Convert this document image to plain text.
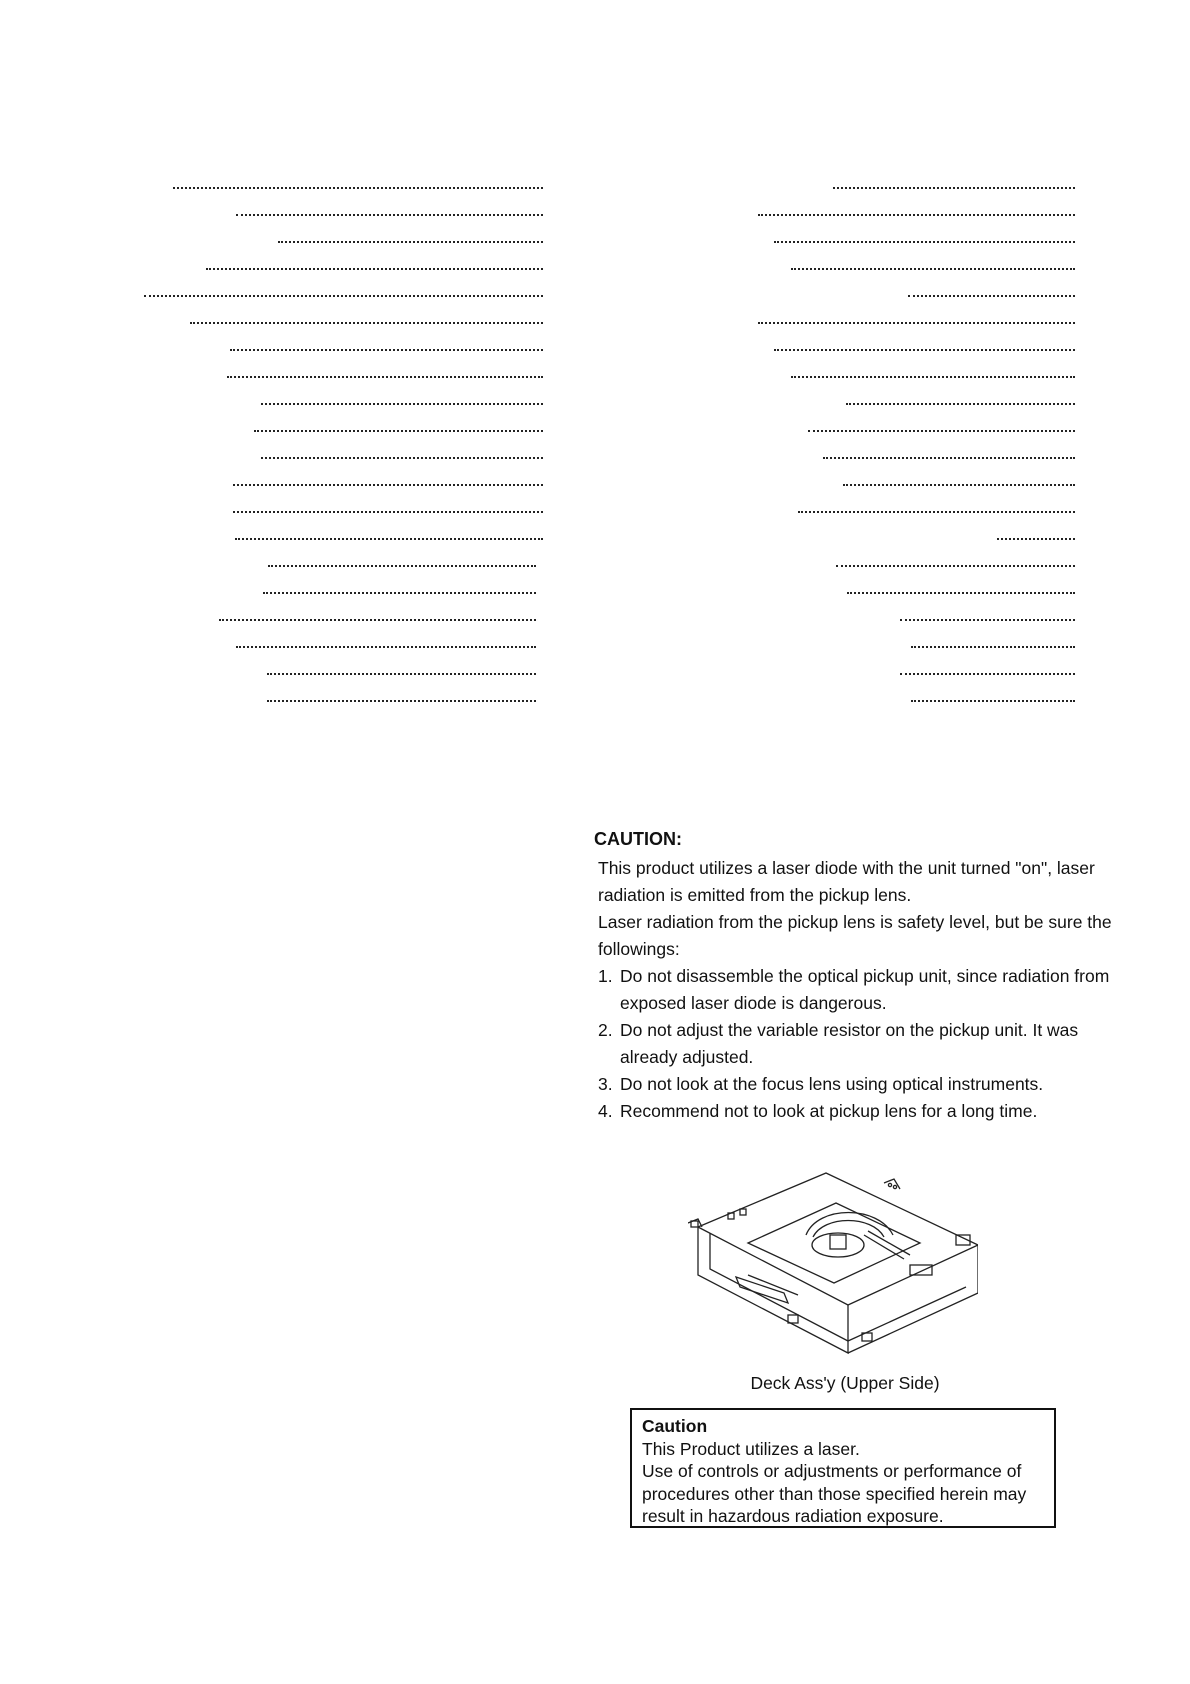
CAUTION:
This product utilizes a laser diode with the unit turned "on", laser radiation is emitted from the pickup lens.
Laser radiation from the pickup lens is safety level, but be sure the followings:
1. Do not disassemble the optical pickup unit, since radiation from exposed laser diode is dangerous.
2. Do not adjust the variable resistor on the pickup unit. It was already adjusted.
3. Do not look at the focus lens using optical instruments.
4. Recommend not to look at pickup lens for a long time.
Deck Ass'y (Upper Side)
Caution
This Product utilizes a laser.
Use of controls or adjustments or performance of procedures other than those specified herein may result in hazardous radiation exposure.
